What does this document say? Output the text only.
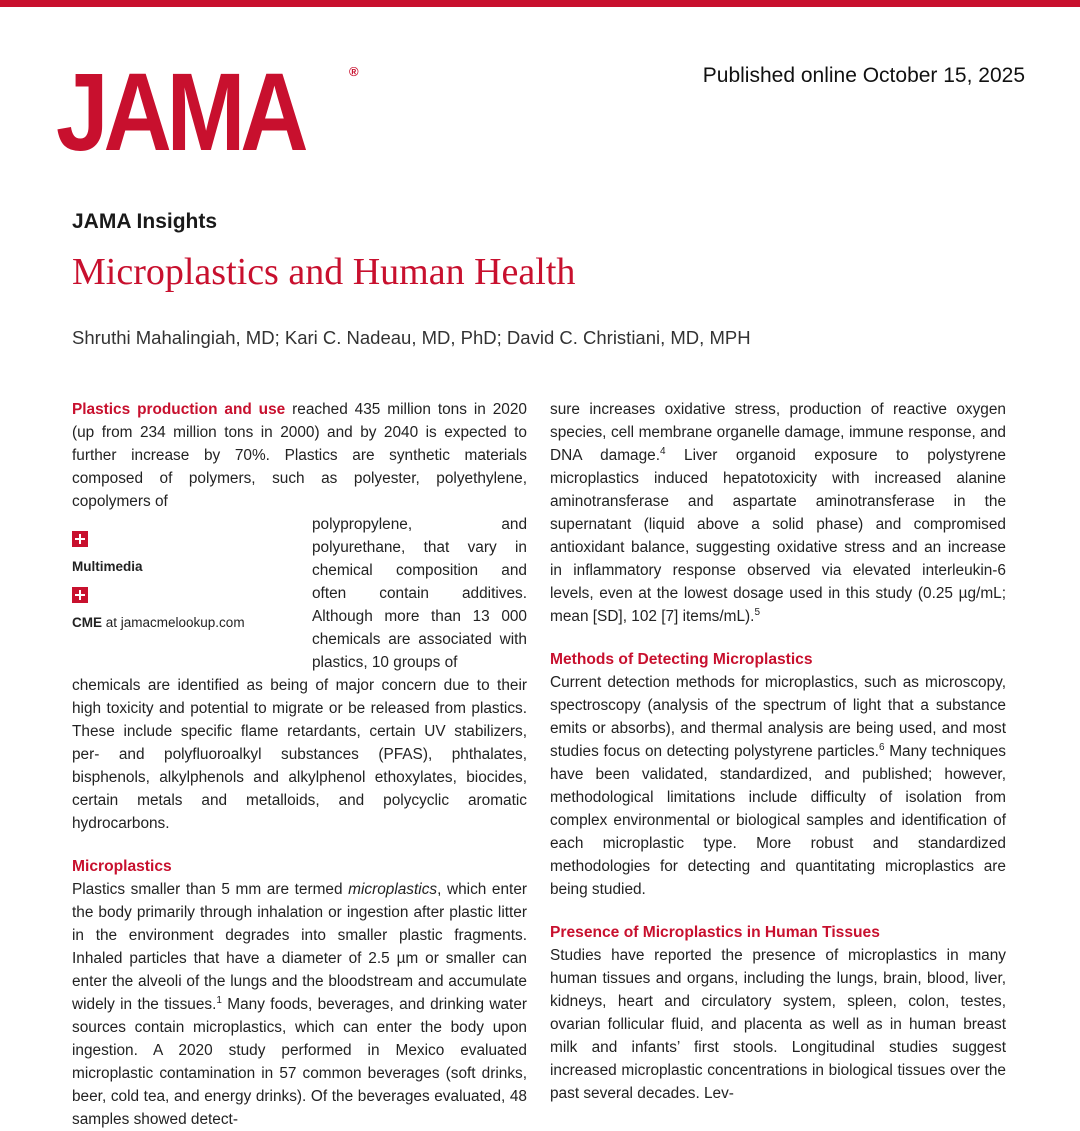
JAMA	®	Published online October 15, 2025
JAMA Insights
Microplastics and Human Health
Shruthi Mahalingiah, MD; Kari C. Nadeau, MD, PhD; David C. Christiani, MD, MPH

Plastics production and use reached 435 million tons in 2020 (up from 234 million tons in 2000) and by 2040 is expected to further increase by 70%. Plastics are synthetic materials composed of polymers, such as polyester, polyethylene, copolymers of

Multimedia
CME at jamacmelookup.com
polypropylene, and polyurethane, that vary in chemical composition and often contain additives. Although more than 13 000 chemicals are associated with plastics, 10 groups of

chemicals are identified as being of major concern due to their high toxicity and potential to migrate or be released from plastics. These include specific flame retardants, certain UV stabilizers, per- and polyfluoroalkyl substances (PFAS), phthalates, bisphenols, alkylphenols and alkylphenol ethoxylates, biocides, certain metals and metalloids, and polycyclic aromatic hydrocarbons.

Microplastics

Plastics smaller than 5 mm are termed microplastics, which enter the body primarily through inhalation or ingestion after plastic litter in the environment degrades into smaller plastic fragments. Inhaled particles that have a diameter of 2.5 µm or smaller can enter the alveoli of the lungs and the bloodstream and accumulate widely in the tissues.$^1$ Many foods, beverages, and drinking water sources contain microplastics, which can enter the body upon ingestion. A 2020 study performed in Mexico evaluated microplastic contamination in 57 common beverages (soft drinks, beer, cold tea, and energy drinks). Of the beverages evaluated, 48 samples showed detect-

sure increases oxidative stress, production of reactive oxygen species, cell membrane organelle damage, immune response, and DNA damage.$^4$ Liver organoid exposure to polystyrene microplastics induced hepatotoxicity with increased alanine aminotransferase and aspartate aminotransferase in the supernatant (liquid above a solid phase) and compromised antioxidant balance, suggesting oxidative stress and an increase in inflammatory response observed via elevated interleukin-6 levels, even at the lowest dosage used in this study (0.25 µg/mL; mean [SD], 102 [7] items/mL).$^5$

Methods of Detecting Microplastics

Current detection methods for microplastics, such as microscopy, spectroscopy (analysis of the spectrum of light that a substance emits or absorbs), and thermal analysis are being used, and most studies focus on detecting polystyrene particles.$^6$ Many techniques have been validated, standardized, and published; however, methodological limitations include difficulty of isolation from complex environmental or biological samples and identification of each microplastic type. More robust and standardized methodologies for detecting and quantitating microplastics are being studied.

Presence of Microplastics in Human Tissues

Studies have reported the presence of microplastics in many human tissues and organs, including the lungs, brain, blood, liver, kidneys, heart and circulatory system, spleen, colon, testes, ovarian follicular fluid, and placenta as well as in human breast milk and infants’ first stools. Longitudinal studies suggest increased microplastic concentrations in biological tissues over the past several decades. Lev-
